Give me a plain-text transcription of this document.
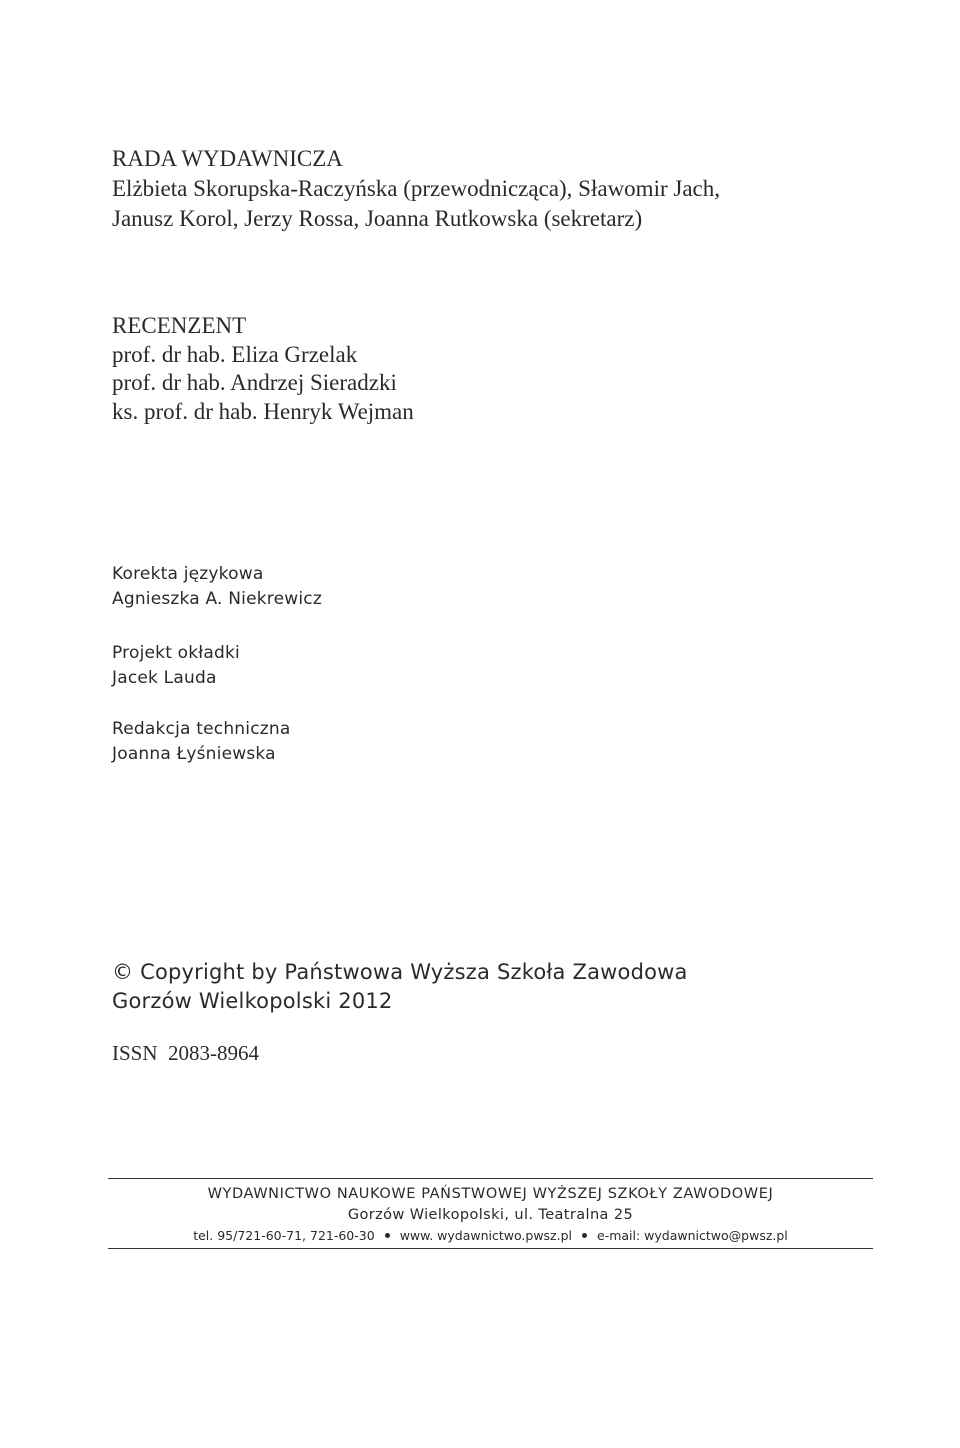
RADA WYDAWNICZA
Elżbieta Skorupska-Raczyńska (przewodnicząca), Sławomir Jach,
Janusz Korol, Jerzy Rossa, Joanna Rutkowska (sekretarz)
RECENZENT
prof. dr hab. Eliza Grzelak
prof. dr hab. Andrzej Sieradzki
ks. prof. dr hab. Henryk Wejman
Korekta językowa
Agnieszka A. Niekrewicz
Projekt okładki
Jacek Lauda
Redakcja techniczna
Joanna Łyśniewska
© Copyright by Państwowa Wyższa Szkoła Zawodowa
Gorzów Wielkopolski 2012
ISSN  2083-8964
WYDAWNICTWO NAUKOWE PAŃSTWOWEJ WYŻSZEJ SZKOŁY ZAWODOWEJ
Gorzów Wielkopolski, ul. Teatralna 25
tel. 95/721-60-71, 721-60-30 www. wydawnictwo.pwsz.pl e-mail: wydawnictwo@pwsz.pl
